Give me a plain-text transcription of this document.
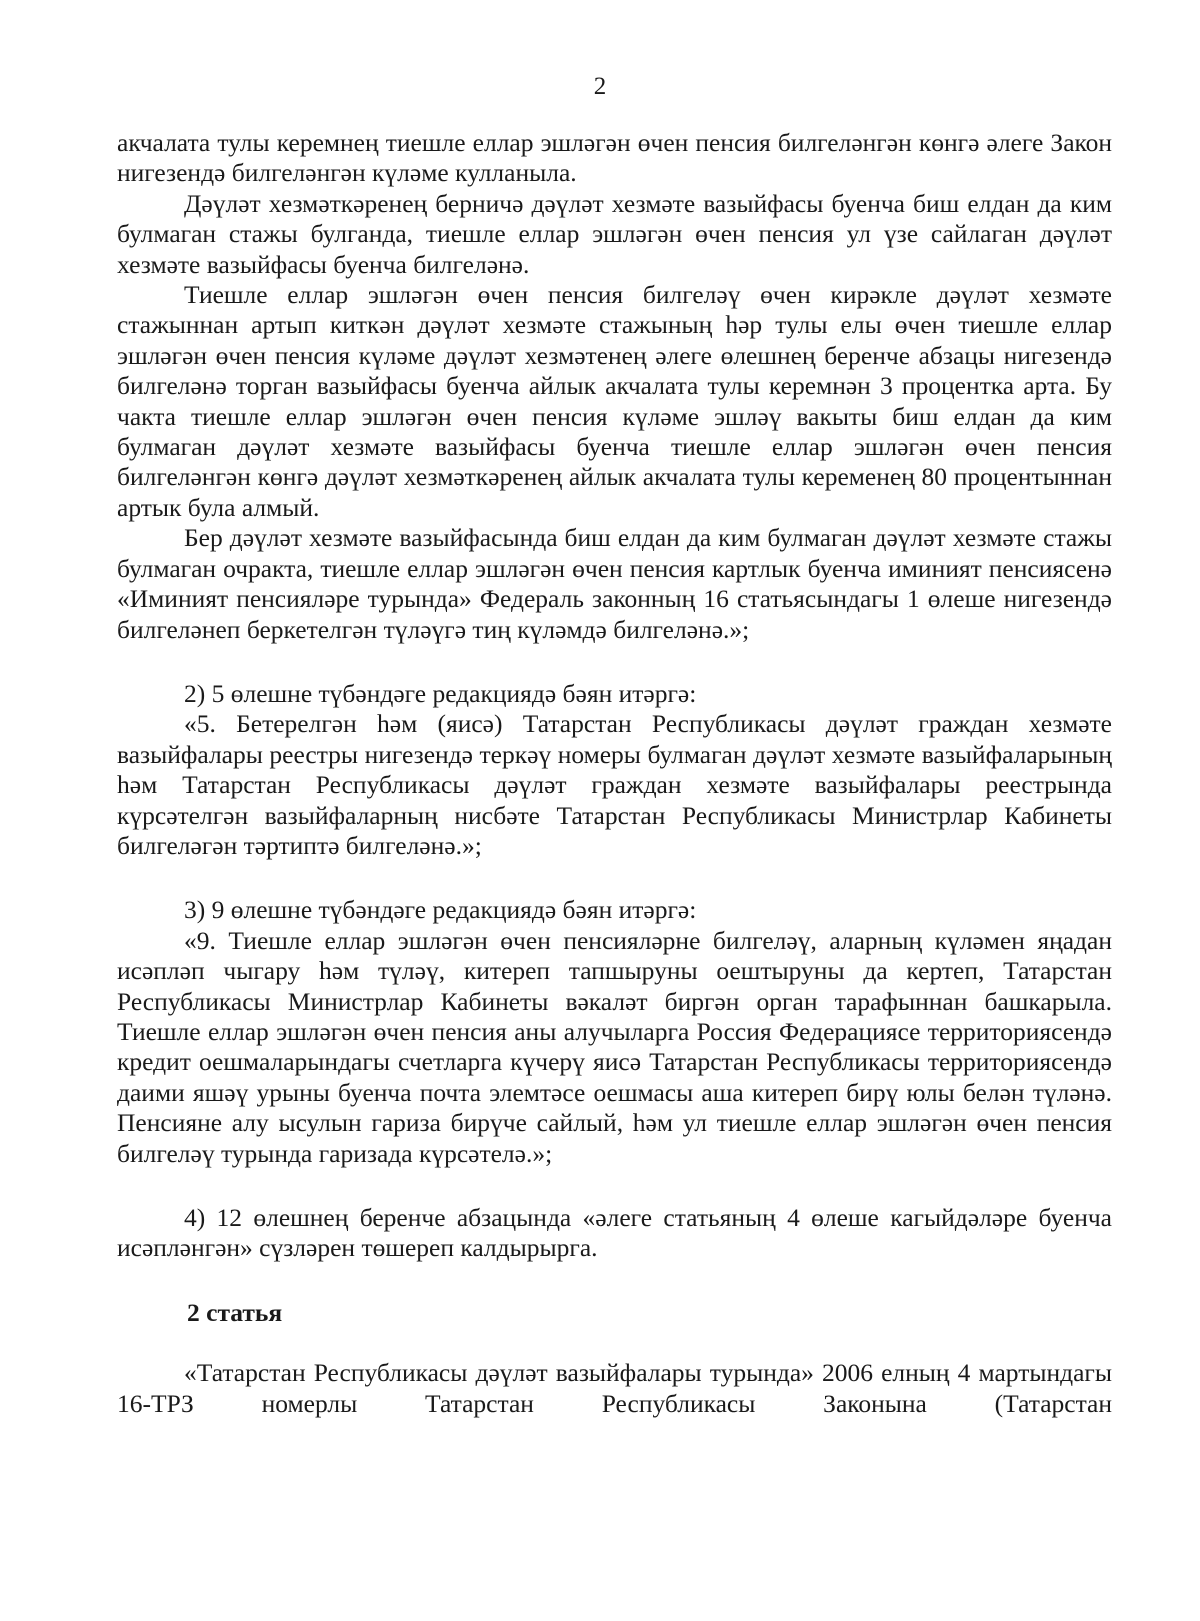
2

акчалата тулы керемнең тиешле еллар эшләгән өчен пенсия билгеләнгән көнгә әлеге Закон нигезендә билгеләнгән күләме кулланыла.

Дәүләт хезмәткәренең берничә дәүләт хезмәте вазыйфасы буенча биш елдан да ким булмаган стажы булганда, тиешле еллар эшләгән өчен пенсия ул үзе сайлаган дәүләт хезмәте вазыйфасы буенча билгеләнә.

Тиешле еллар эшләгән өчен пенсия билгеләү өчен кирәкле дәүләт хезмәте стажыннан артып киткән дәүләт хезмәте стажының һәр тулы елы өчен тиешле еллар эшләгән өчен пенсия күләме дәүләт хезмәтенең әлеге өлешнең беренче абзацы нигезендә билгеләнә торган вазыйфасы буенча айлык акчалата тулы керемнән 3 процентка арта. Бу чакта тиешле еллар эшләгән өчен пенсия күләме эшләү вакыты биш елдан да ким булмаган дәүләт хезмәте вазыйфасы буенча тиешле еллар эшләгән өчен пенсия билгеләнгән көнгә дәүләт хезмәткәренең айлык акчалата тулы кеременең 80 процентыннан артык була алмый.

Бер дәүләт хезмәте вазыйфасында биш елдан да ким булмаган дәүләт хезмәте стажы булмаган очракта, тиешле еллар эшләгән өчен пенсия картлык буенча иминият пенсиясенә «Иминият пенсияләре турында» Федераль законның 16 статьясындагы 1 өлеше нигезендә билгеләнеп беркетелгән түләүгә тиң күләмдә билгеләнә.»;

2) 5 өлешне түбәндәге редакциядә бәян итәргә:

«5. Бетерелгән һәм (яисә) Татарстан Республикасы дәүләт граждан хезмәте вазыйфалары реестры нигезендә теркәү номеры булмаган дәүләт хезмәте вазыйфаларының һәм Татарстан Республикасы дәүләт граждан хезмәте вазыйфалары реестрында күрсәтелгән вазыйфаларның нисбәте Татарстан Республикасы Министрлар Кабинеты билгеләгән тәртиптә билгеләнә.»;

3) 9 өлешне түбәндәге редакциядә бәян итәргә:

«9. Тиешле еллар эшләгән өчен пенсияләрне билгеләү, аларның күләмен яңадан исәпләп чыгару һәм түләү, китереп тапшыруны оештыруны да кертеп, Татарстан Республикасы Министрлар Кабинеты вәкаләт биргән орган тарафыннан башкарыла. Тиешле еллар эшләгән өчен пенсия аны алучыларга Россия Федерациясе территориясендә кредит оешмаларындагы счетларга күчерү яисә Татарстан Республикасы территориясендә даими яшәү урыны буенча почта элемтәсе оешмасы аша китереп бирү юлы белән түләнә. Пенсияне алу ысулын гариза бирүче сайлый, һәм ул тиешле еллар эшләгән өчен пенсия билгеләү турында гаризада күрсәтелә.»;

4) 12 өлешнең беренче абзацында «әлеге статьяның 4 өлеше кагыйдәләре буенча исәпләнгән» сүзләрен төшереп калдырырга.

2 статья

«Татарстан Республикасы дәүләт вазыйфалары турында» 2006 елның 4 мартындагы 16-ТРЗ номерлы Татарстан Республикасы Законына (Татарстан
